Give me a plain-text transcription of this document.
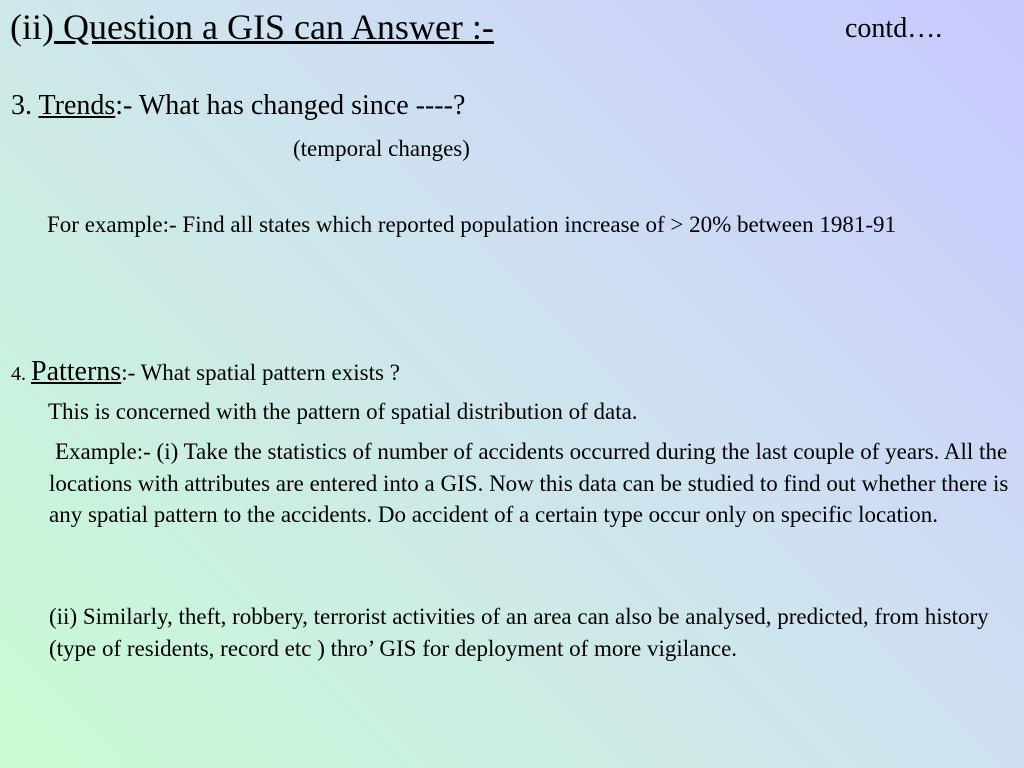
(ii) Question a GIS can Answer :-	contd….
3. Trends:- What has changed since ----?
(temporal changes)
For example:- Find all states which reported population increase of > 20% between 1981-91
4. Patterns:- What spatial pattern exists ?
This is concerned with the pattern of spatial distribution of data.
Example:- (i) Take the statistics of number of accidents occurred during the last couple of years. All the locations with attributes are entered into a GIS. Now this data can be studied to find out whether there is any spatial pattern to the accidents. Do accident of a certain type occur only on specific location.
(ii) Similarly, theft, robbery, terrorist activities of an area can also be analysed, predicted, from history (type of residents, record etc ) thro’ GIS for deployment of more vigilance.
